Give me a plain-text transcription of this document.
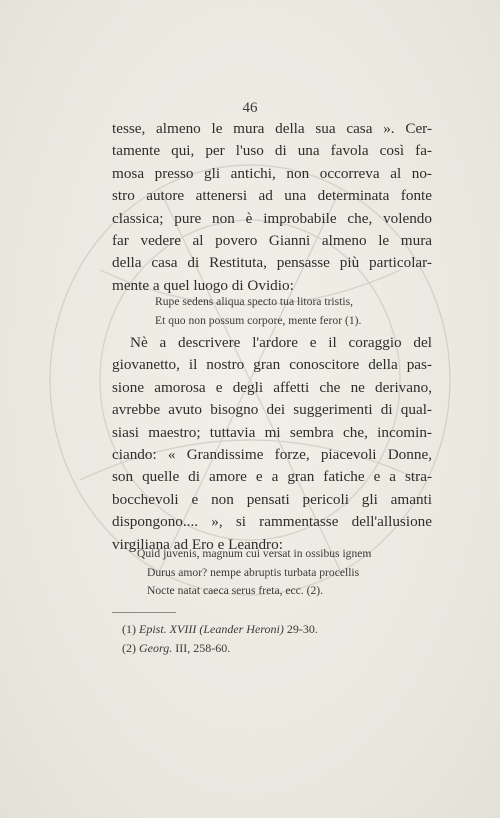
46

tesse, almeno le mura della sua casa ». Cer-
tamente qui, per l'uso di una favola così fa-
mosa presso gli antichi, non occorreva al no-
stro autore attenersi ad una determinata fonte
classica; pure non è improbabile che, volendo
far vedere al povero Gianni almeno le mura
della casa di Restituta, pensasse più particolar-
mente a quel luogo di Ovidio:

Rupe sedens aliqua specto tua litora tristis,
Et quo non possum corpore, mente feror (1).

Nè a descrivere l'ardore e il coraggio del
giovanetto, il nostro gran conoscitore della pas-
sione amorosa e degli affetti che ne derivano,
avrebbe avuto bisogno dei suggerimenti di qual-
siasi maestro; tuttavia mi sembra che, incomin-
ciando: « Grandissime forze, piacevoli Donne,
son quelle di amore e a gran fatiche e a stra-
bocchevoli e non pensati pericoli gli amanti
dispongono.... », si rammentasse dell'allusione
virgiliana ad Ero e Leandro:

Quid juvenis, magnum cui versat in ossibus ignem
Durus amor? nempe abruptis turbata procellis
Nocte natat caeca serus freta, ecc. (2).
(1) Epist. XVIII (Leander Heroni) 29-30.
(2) Georg. III, 258-60.
